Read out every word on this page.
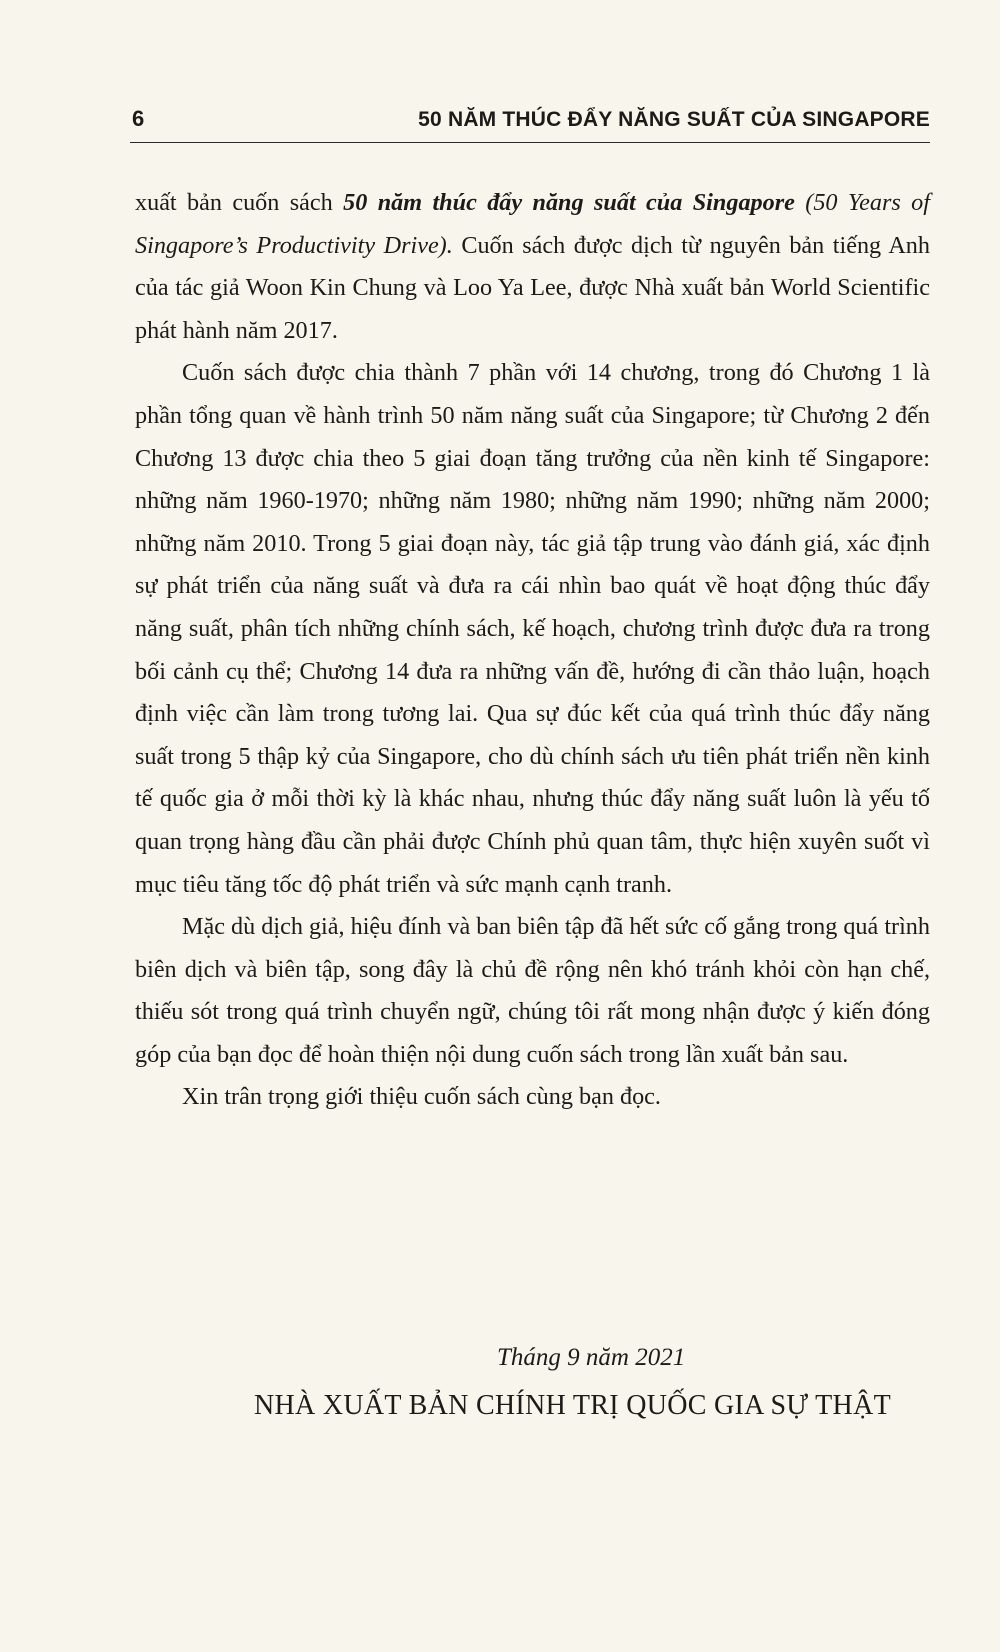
6	50 NĂM THÚC ĐẨY NĂNG SUẤT CỦA SINGAPORE

xuất bản cuốn sách 50 năm thúc đẩy năng suất của Singapore (50 Years of Singapore’s Productivity Drive). Cuốn sách được dịch từ nguyên bản tiếng Anh của tác giả Woon Kin Chung và Loo Ya Lee, được Nhà xuất bản World Scientific phát hành năm 2017.

Cuốn sách được chia thành 7 phần với 14 chương, trong đó Chương 1 là phần tổng quan về hành trình 50 năm năng suất của Singapore; từ Chương 2 đến Chương 13 được chia theo 5 giai đoạn tăng trưởng của nền kinh tế Singapore: những năm 1960-1970; những năm 1980; những năm 1990; những năm 2000; những năm 2010. Trong 5 giai đoạn này, tác giả tập trung vào đánh giá, xác định sự phát triển của năng suất và đưa ra cái nhìn bao quát về hoạt động thúc đẩy năng suất, phân tích những chính sách, kế hoạch, chương trình được đưa ra trong bối cảnh cụ thể; Chương 14 đưa ra những vấn đề, hướng đi cần thảo luận, hoạch định việc cần làm trong tương lai. Qua sự đúc kết của quá trình thúc đẩy năng suất trong 5 thập kỷ của Singapore, cho dù chính sách ưu tiên phát triển nền kinh tế quốc gia ở mỗi thời kỳ là khác nhau, nhưng thúc đẩy năng suất luôn là yếu tố quan trọng hàng đầu cần phải được Chính phủ quan tâm, thực hiện xuyên suốt vì mục tiêu tăng tốc độ phát triển và sức mạnh cạnh tranh.

Mặc dù dịch giả, hiệu đính và ban biên tập đã hết sức cố gắng trong quá trình biên dịch và biên tập, song đây là chủ đề rộng nên khó tránh khỏi còn hạn chế, thiếu sót trong quá trình chuyển ngữ, chúng tôi rất mong nhận được ý kiến đóng góp của bạn đọc để hoàn thiện nội dung cuốn sách trong lần xuất bản sau.

Xin trân trọng giới thiệu cuốn sách cùng bạn đọc.

Tháng 9 năm 2021
NHÀ XUẤT BẢN CHÍNH TRỊ QUỐC GIA SỰ THẬT
